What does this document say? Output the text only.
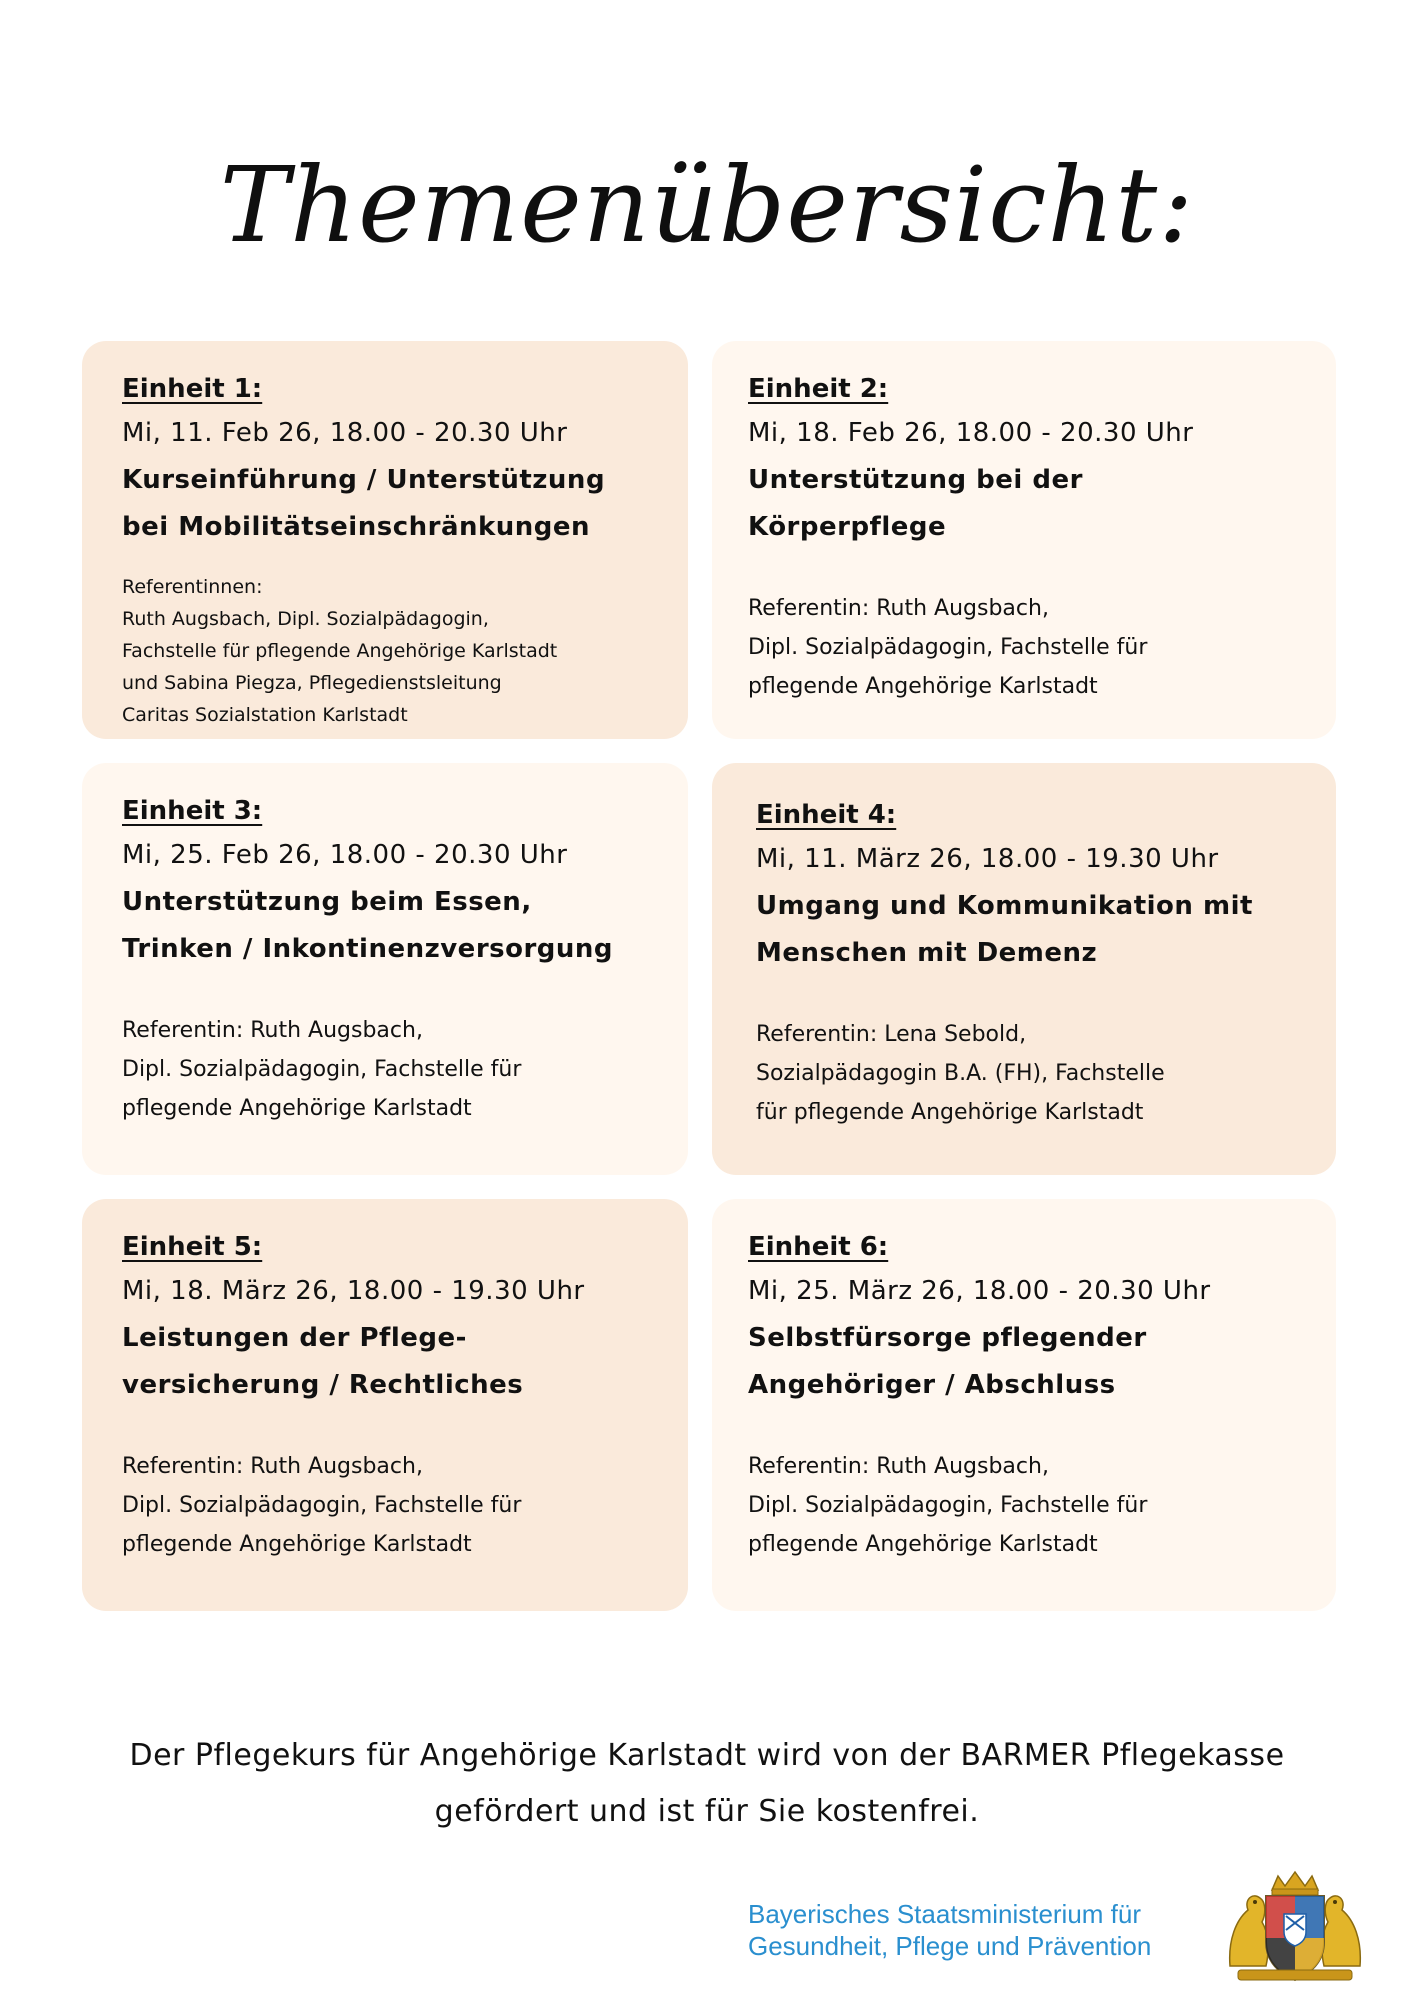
Themenübersicht:

Einheit 1:

Mi, 11. Feb 26, 18.00 - 20.30 Uhr

Kurseinführung / Unterstützung

bei Mobilitätseinschränkungen

Referentinnen:

Ruth Augsbach, Dipl. Sozialpädagogin,

Fachstelle für pflegende Angehörige Karlstadt

und Sabina Piegza, Pflegedienstsleitung

Caritas Sozialstation Karlstadt

Einheit 2:

Mi, 18. Feb 26, 18.00 - 20.30 Uhr

Unterstützung bei der

Körperpflege

Referentin: Ruth Augsbach,

Dipl. Sozialpädagogin, Fachstelle für

pflegende Angehörige Karlstadt

Einheit 3:

Mi, 25. Feb 26, 18.00 - 20.30 Uhr

Unterstützung beim Essen,

Trinken / Inkontinenzversorgung

Referentin: Ruth Augsbach,

Dipl. Sozialpädagogin, Fachstelle für

pflegende Angehörige Karlstadt

Einheit 4:

Mi, 11. März 26, 18.00 - 19.30 Uhr

Umgang und Kommunikation mit

Menschen mit Demenz

Referentin: Lena Sebold,

Sozialpädagogin B.A. (FH), Fachstelle

für pflegende Angehörige Karlstadt

Einheit 5:

Mi, 18. März 26, 18.00 - 19.30 Uhr

Leistungen der Pflege-

versicherung / Rechtliches

Referentin: Ruth Augsbach,

Dipl. Sozialpädagogin, Fachstelle für

pflegende Angehörige Karlstadt

Einheit 6:

Mi, 25. März 26, 18.00 - 20.30 Uhr

Selbstfürsorge pflegender

Angehöriger / Abschluss

Referentin: Ruth Augsbach,

Dipl. Sozialpädagogin, Fachstelle für

pflegende Angehörige Karlstadt

Der Pflegekurs für Angehörige Karlstadt wird von der BARMER Pflegekasse
gefördert und ist für Sie kostenfrei.
Bayerisches Staatsministerium für
Gesundheit, Pflege und Prävention
